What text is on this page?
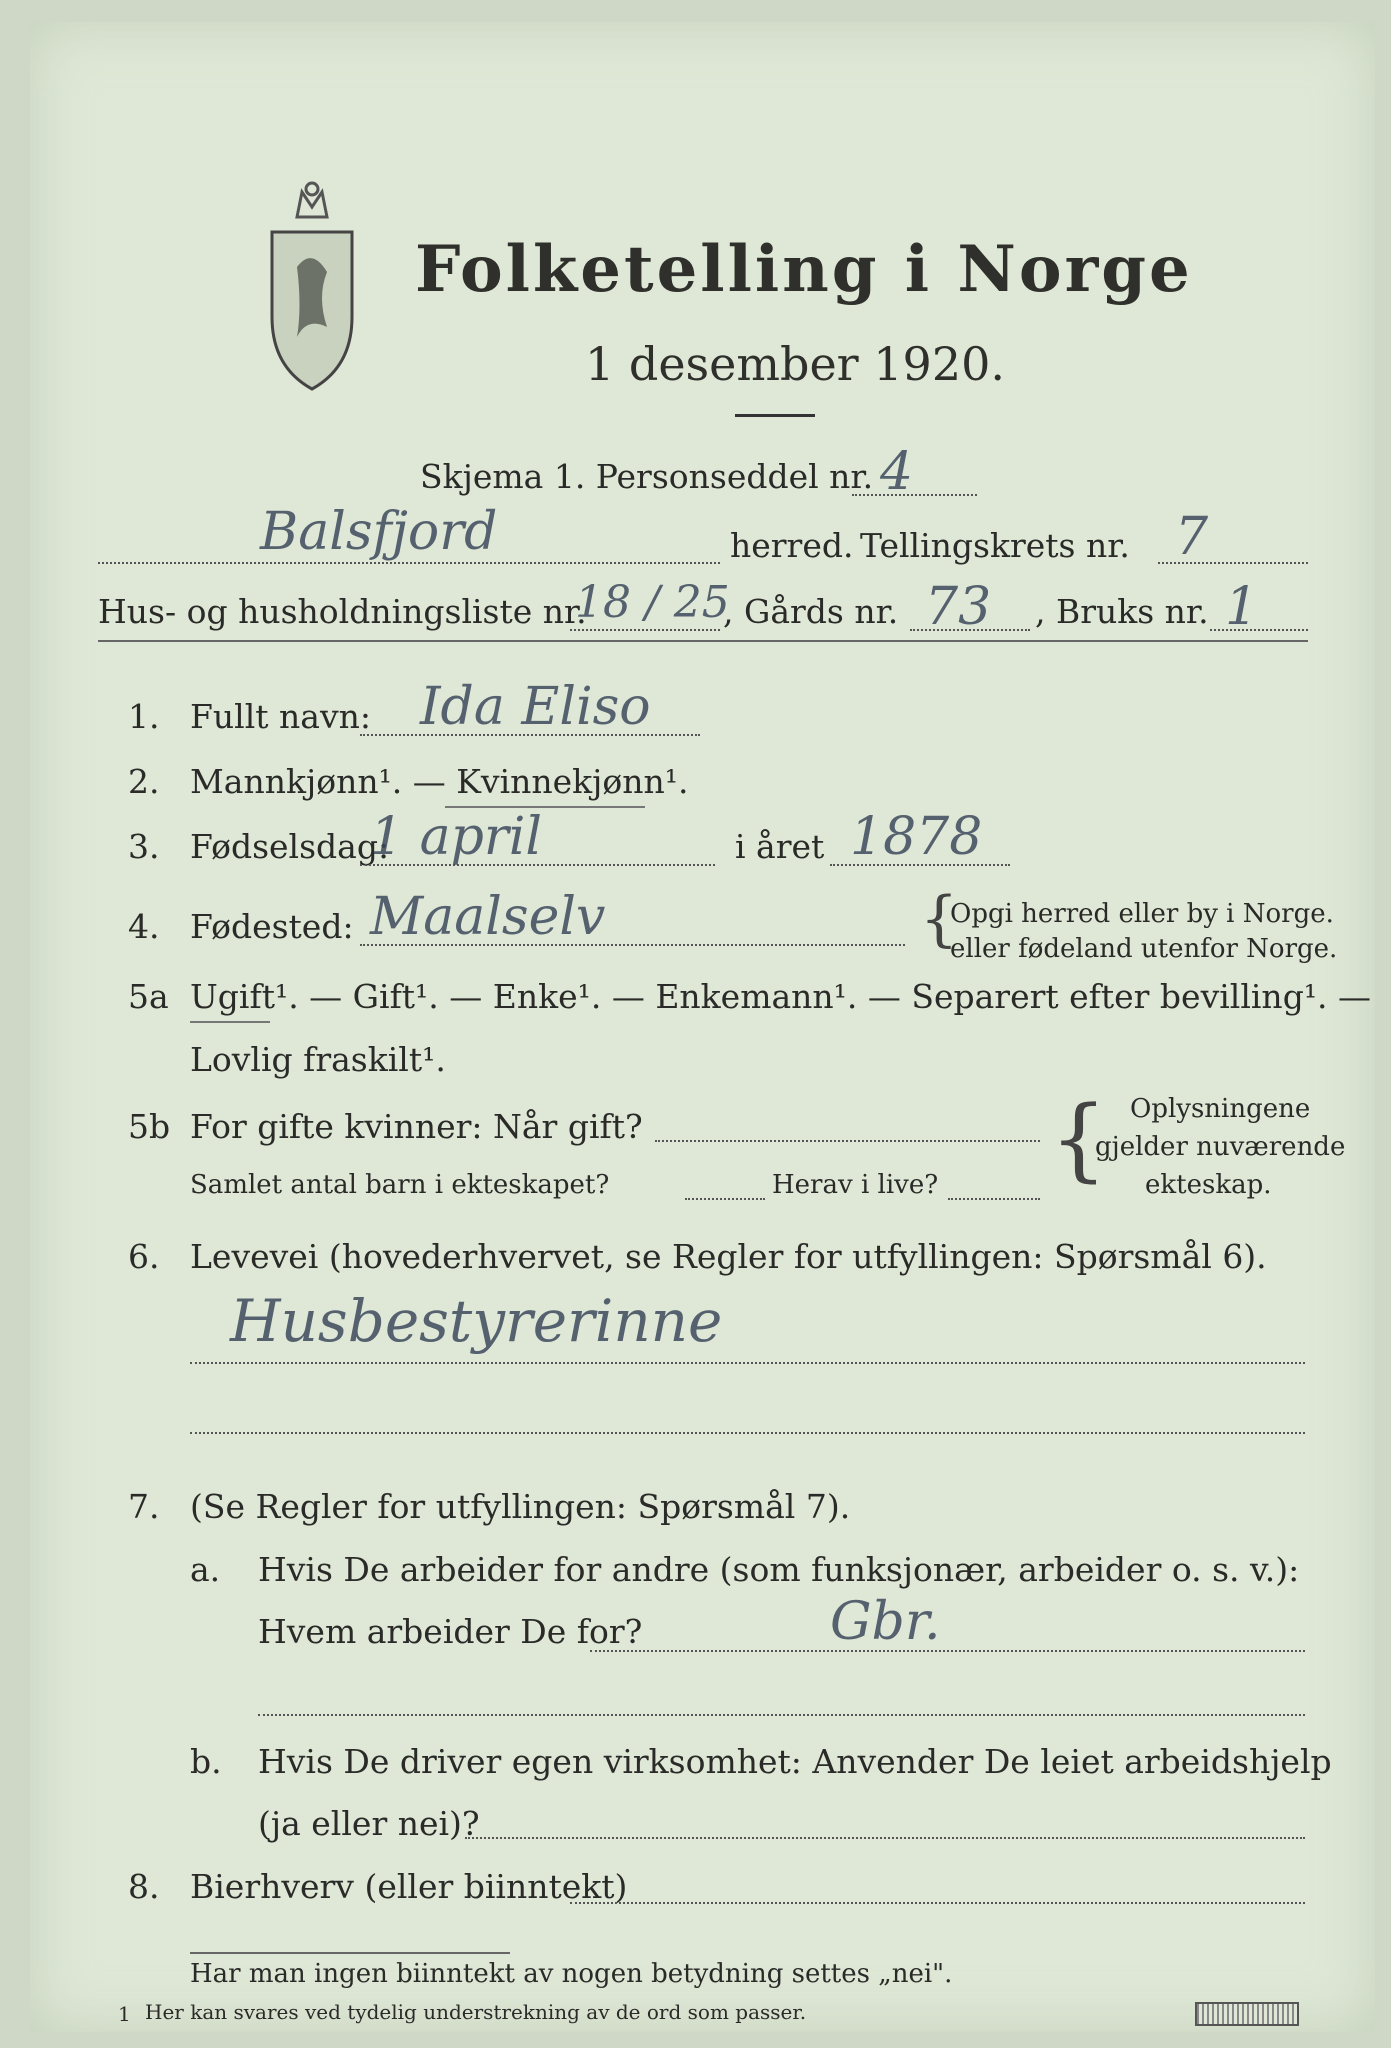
Folketelling i Norge
1 desember 1920.
Skjema 1. Personseddel nr. 4
Balsfjord	herred. Tellingskrets nr. 7
Hus- og husholdningsliste nr.
18 / 25
, Gårds nr. 73 , Bruks nr. 1
1. Fullt navn: Ida Eliso
2. Mannkjønn¹. — Kvinnekjønn¹.
3. Fødselsdag:
1 april	i året 1878
4. Fødested: Maalselv	{
Opgi herred eller by i Norge.
eller fødeland utenfor Norge.
5a Ugift¹. — Gift¹. — Enke¹. — Enkemann¹. — Separert efter bevilling¹. —
Lovlig fraskilt¹.
5b For gifte kvinner: Når gift?
Samlet antal barn i ekteskapet?	Herav i live? { Oplysningene
gjelder nuværende
ekteskap.
6. Levevei (hovederhvervet, se Regler for utfyllingen: Spørsmål 6).
Husbestyrerinne
7. (Se Regler for utfyllingen: Spørsmål 7).
a. Hvis De arbeider for andre (som funksjonær, arbeider o. s. v.):
Hvem arbeider De for?	Gbr.
b. Hvis De driver egen virksomhet: Anvender De leiet arbeidshjelp
(ja eller nei)?
8. Bierhverv (eller biinntekt)
Har man ingen biinntekt av nogen betydning settes „nei".
1 Her kan svares ved tydelig understrekning av de ord som passer.
